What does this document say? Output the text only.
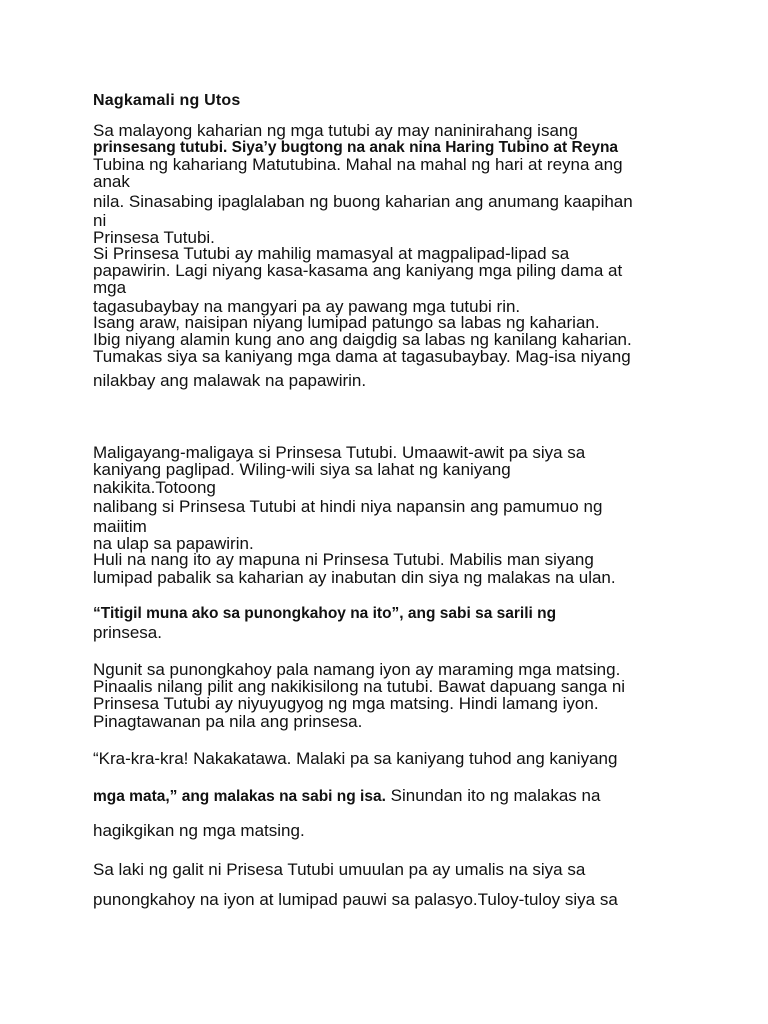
Nagkamali ng Utos
Sa malayong kaharian ng mga tutubi ay may naninirahang isang
prinsesang tutubi. Siya’y bugtong na anak nina Haring Tubino at Reyna
Tubina ng kahariang Matutubina. Mahal na mahal ng hari at reyna ang
anak
nila. Sinasabing ipaglalaban ng buong kaharian ang anumang kaapihan
ni
Prinsesa Tutubi.
Si Prinsesa Tutubi ay mahilig mamasyal at magpalipad-lipad sa
papawirin. Lagi niyang kasa-kasama ang kaniyang mga piling dama at
mga
tagasubaybay na mangyari pa ay pawang mga tutubi rin.
Isang araw, naisipan niyang lumipad patungo sa labas ng kaharian.
Ibig niyang alamin kung ano ang daigdig sa labas ng kanilang kaharian.
Tumakas siya sa kaniyang mga dama at tagasubaybay. Mag-isa niyang
nilakbay ang malawak na papawirin.
Maligayang-maligaya si Prinsesa Tutubi. Umaawit-awit pa siya sa
kaniyang paglipad. Wiling-wili siya sa lahat ng kaniyang
nakikita.Totoong
nalibang si Prinsesa Tutubi at hindi niya napansin ang pamumuo ng
maiitim
na ulap sa papawirin.
Huli na nang ito ay mapuna ni Prinsesa Tutubi. Mabilis man siyang
lumipad pabalik sa kaharian ay inabutan din siya ng malakas na ulan.
“Titigil muna ako sa punongkahoy na ito”, ang sabi sa sarili ng
prinsesa.
Ngunit sa punongkahoy pala namang iyon ay maraming mga matsing.
Pinaalis nilang pilit ang nakikisilong na tutubi. Bawat dapuang sanga ni
Prinsesa Tutubi ay niyuyugyog ng mga matsing. Hindi lamang iyon.
Pinagtawanan pa nila ang prinsesa.
“Kra-kra-kra! Nakakatawa. Malaki pa sa kaniyang tuhod ang kaniyang
mga mata,” ang malakas na sabi ng isa. Sinundan ito ng malakas na
hagikgikan ng mga matsing.
Sa laki ng galit ni Prisesa Tutubi umuulan pa ay umalis na siya sa
punongkahoy na iyon at lumipad pauwi sa palasyo.Tuloy-tuloy siya sa
